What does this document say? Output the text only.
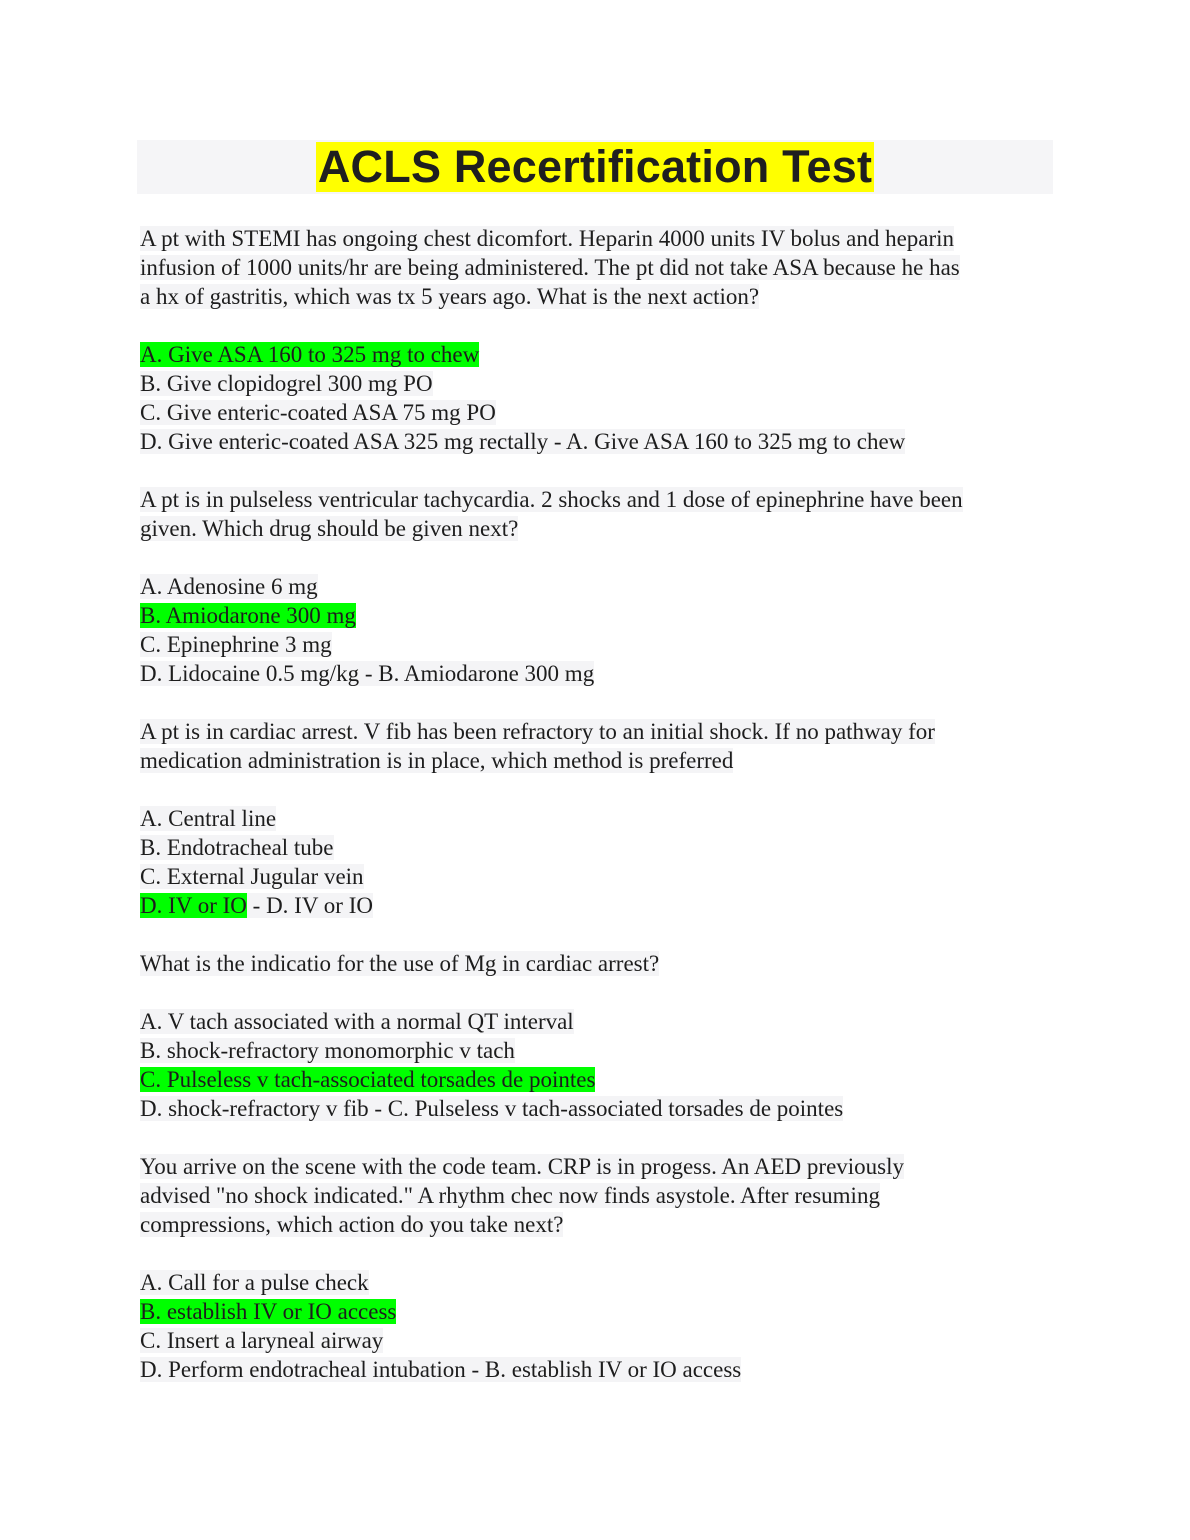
ACLS Recertification Test
A pt with STEMI has ongoing chest dicomfort. Heparin 4000 units IV bolus and heparin
infusion of 1000 units/hr are being administered. The pt did not take ASA because he has
a hx of gastritis, which was tx 5 years ago. What is the next action?
A. Give ASA 160 to 325 mg to chew
B. Give clopidogrel 300 mg PO
C. Give enteric-coated ASA 75 mg PO
D. Give enteric-coated ASA 325 mg rectally - A. Give ASA 160 to 325 mg to chew
A pt is in pulseless ventricular tachycardia. 2 shocks and 1 dose of epinephrine have been
given. Which drug should be given next?
A. Adenosine 6 mg
B. Amiodarone 300 mg
C. Epinephrine 3 mg
D. Lidocaine 0.5 mg/kg - B. Amiodarone 300 mg
A pt is in cardiac arrest. V fib has been refractory to an initial shock. If no pathway for
medication administration is in place, which method is preferred
A. Central line
B. Endotracheal tube
C. External Jugular vein
D. IV or IO - D. IV or IO
What is the indicatio for the use of Mg in cardiac arrest?
A. V tach associated with a normal QT interval
B. shock-refractory monomorphic v tach
C. Pulseless v tach-associated torsades de pointes
D. shock-refractory v fib - C. Pulseless v tach-associated torsades de pointes
You arrive on the scene with the code team. CRP is in progess. An AED previously
advised "no shock indicated." A rhythm chec now finds asystole. After resuming
compressions, which action do you take next?
A. Call for a pulse check
B. establish IV or IO access
C. Insert a laryneal airway
D. Perform endotracheal intubation - B. establish IV or IO access
